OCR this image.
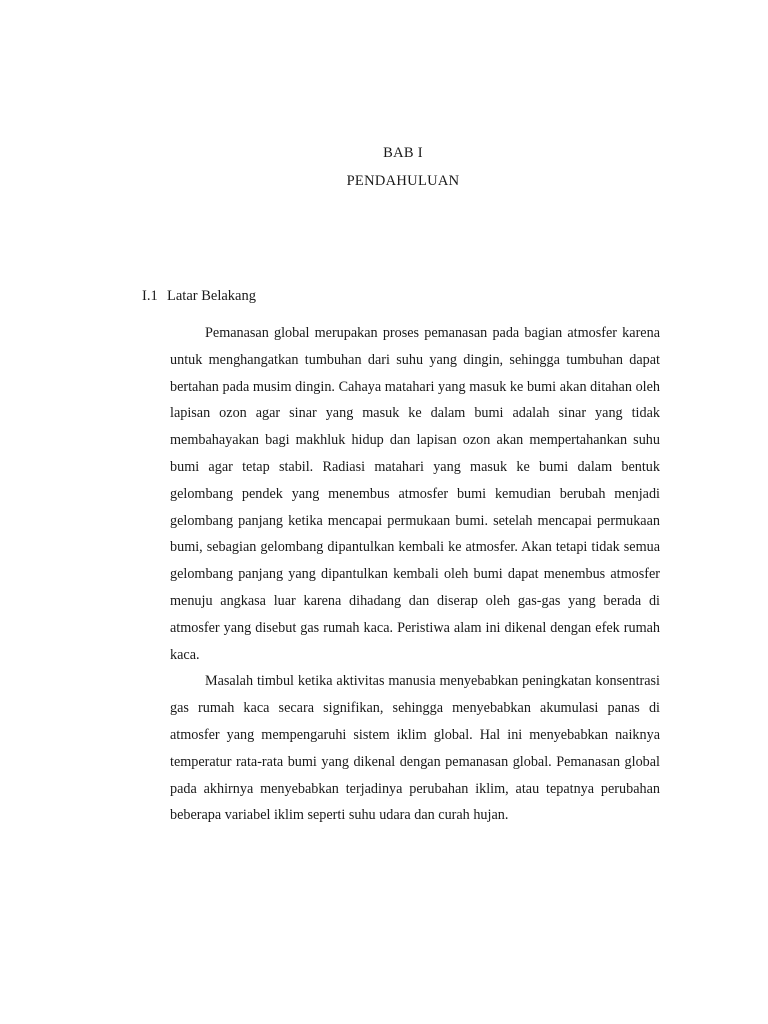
BAB I
PENDAHULUAN
I.1 Latar Belakang

Pemanasan global merupakan proses pemanasan pada bagian atmosfer karena untuk menghangatkan tumbuhan dari suhu yang dingin, sehingga tumbuhan dapat bertahan pada musim dingin. Cahaya matahari yang masuk ke bumi akan ditahan oleh lapisan ozon agar sinar yang masuk ke dalam bumi adalah sinar yang tidak membahayakan bagi makhluk hidup dan lapisan ozon akan mempertahankan suhu bumi agar tetap stabil. Radiasi matahari yang masuk ke bumi dalam bentuk gelombang pendek yang menembus atmosfer bumi kemudian berubah menjadi gelombang panjang ketika mencapai permukaan bumi. setelah mencapai permukaan bumi, sebagian gelombang dipantulkan kembali ke atmosfer. Akan tetapi tidak semua gelombang panjang yang dipantulkan kembali oleh bumi dapat menembus atmosfer menuju angkasa luar karena dihadang dan diserap oleh gas-gas yang berada di atmosfer yang disebut gas rumah kaca. Peristiwa alam ini dikenal dengan efek rumah kaca.

Masalah timbul ketika aktivitas manusia menyebabkan peningkatan konsentrasi gas rumah kaca secara signifikan, sehingga menyebabkan akumulasi panas di atmosfer yang mempengaruhi sistem iklim global. Hal ini menyebabkan naiknya temperatur rata-rata bumi yang dikenal dengan pemanasan global. Pemanasan global pada akhirnya menyebabkan terjadinya perubahan iklim, atau tepatnya perubahan beberapa variabel iklim seperti suhu udara dan curah hujan.
